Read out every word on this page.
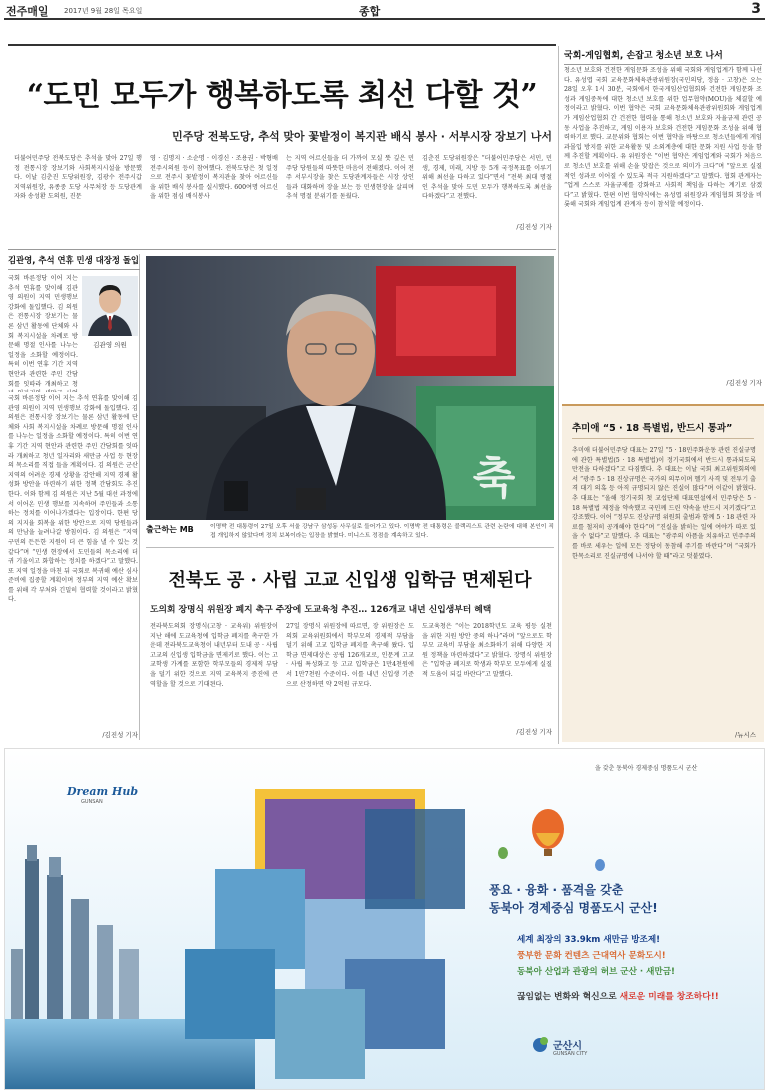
전주매일 2017년 9월 28일 목요일	종합	3
“도민 모두가 행복하도록 최선 다할 것”
민주당 전북도당, 추석 맞아 꽃밭정이 복지관 배식 봉사 · 서부시장 장보기 나서
더불어민주당 전북도당은 추석을 맞아 27일 행정 전통시장 장보기와 사회복지시설을 방문했다. 이날 김춘진 도당위원장, 김광수 전주시갑 지역위원장, 유종중 도당 사무처장 등 도당관계자와 송성환 도의원, 진문
영 · 김명지 · 소순명 · 이경신 · 조용권 · 박형배 전주시의원 등이 참여했다. 전북도당은 첫 일정으로 전주시 꽃밭정이 복지관을 찾아 어르신들을 위한 배식 봉사를 실시했다. 600여명 어르신을 위한 점심 배식봉사
는 지역 어르신들을 더 가까이 모실 뜻 깊은 민주당 당원들의 따뜻한 마음이 전해졌다. 이어 전주 서부시장을 찾은 도당관계자들은 시장 상인들과 대화하며 장을 보는 등 민생현장을 살피며 추석 명절 분위기를 돋웠다.
김춘진 도당위원장은 “더불어민주당은 서민, 민생, 경제, 미래, 지방 등 5개 국정목표를 이루기 위해 최선을 다하고 있다”면서 “전북 최대 명절인 추석을 맞아 도민 모두가 행복하도록 최선을 다하겠다”고 전했다.
/김진성 기자
김관영, 추석 연휴 민생 대장정 돌입
국회 바른정당 이어 지는 추석 연휴를 맞이해 김관영 의원이 지역 민생행보 강화에 돌입했다. 김 의원은 전통시장 장보기는 물론 삼년 활동에 단체와 사회 복지시설을 차례로 방문해 명절 인사를 나누는 일정을 소화할 예정이다. 특히 이번 연휴 기간 지역 현안과 관련한 주민 간담회를 잇따라 개최하고 청
김관영 의원
국회 바른정당 이어 지는 추석 연휴를 맞이해 김관영 의원이 지역 민생행보 강화에 돌입했다. 김 의원은 전통시장 장보기는 물론 삼년 활동에 단체와 사회 복지시설을 차례로 방문해 명절 인사를 나누는 일정을 소화할 예정이다. 특히 이번 연휴 기간 지역 현안과 관련한 주민 간담회를 잇따라 개최하고 청년 일자리와 새만금 사업 등 현장의 목소리를 직접 들을 계획이다. 김 의원은 군산 지역의 어려운 경제 상황을 감안해 지역 경제 활성화 방안을 마련하기 위한 정책 간담회도 추진한다. 이와 함께 김 의원은 지난 5월 대선 과정에서 이어온 민생 행보를 지속하며 주민들과 소통하는 정치를 이어나가겠다는 입장이다. 한편 당의 지지율 회복을 위한 방안으로 지역 당원들과의 만남을 늘려나갈 방침이다. 김 의원은 “지역구민의 든든한 지원이 더 큰 힘을 낼 수 있는 것 같다”며 “민생 현장에서 도민들의 목소리에 더 귀 기울이고 화합하는 정치를 하겠다”고 말했다. 또 지역 일정을 마친 뒤 국회로 복귀해 예산 심사 준비에 집중할 계획이며 정부의 지역 예산 확보를 위해 각 부처와 긴밀히 협력할 것이라고 밝혔다.
/김진성 기자
축
출근하는 MB	이명박 전 대통령이 27일 오후 서울 강남구 삼성동 사무실로 들어가고 있다. 이명박 전 대통령은 블랙리스트 관련 논란에 대해 본인이 직접 개입하지 않았다며 정치 보복이라는 입장을 밝혔다. 미니스트 정점을 계속하고 있다.
전북도 공 · 사립 고교 신입생 입학금 면제된다
도의회 장명식 위원장 폐지 촉구 주장에 도교육청 추진… 126개교 내년 신입생부터 혜택
전라북도의회 장명식(고창 · 교육위) 위원장이 지난 해에 도교육청에 입학금 폐지를 촉구한 가운데 전라북도교육청이 내년부터 도내 공 · 사립 고교의 신입생 입학금을 면제키로 했다. 이는 고교학생 가계를 포함한 학부모들의 경제적 부담을 덜기 위한 것으로 지역 교육복지 증진에 큰 역할을 할 것으로 기대된다.
27일 장명식 위원장에 따르면, 장 위원장은 도의회 교육위원회에서 학부모의 경제적 부담을 덜기 위해 고교 입학금 폐지를 촉구해 왔다. 입학금 면제대상은 공립 126개교로, 인문계 고교 · 사립 특성화고 등 고교 입학금은 1만4천원에서 1만7천원 수준이다. 이를 내년 신입생 기준으로 산정하면 약 2억원 규모다.
도교육청은 “이는 2018학년도 교육 평등 실천을 위한 지원 방안 중의 하나”라며 “앞으로도 학부모 교육비 부담을 최소화하기 위해 다양한 지원 정책을 마련하겠다”고 밝혔다. 장명식 위원장은 “입학금 폐지로 학생과 학부모 모두에게 실질적 도움이 되길 바란다”고 말했다.
/김진성 기자
국회-게임협회, 손잡고 청소년 보호 나서
청소년 보호와 건전한 게임문화 조성을 위해 국회와 게임업계가 함께 나선다. 유성엽 국회 교육문화체육관광위원장(국민의당, 정읍 · 고창)은 오는 28일 오후 1시 30분, 국회에서 한국게임산업협회와 건전한 게임문화 조성과 게임중독에 대한 청소년 보호를 위한 업무협약(MOU)을 체결할 예정이라고 밝혔다. 이번 협약은 국회 교육문화체육관광위원회와 게임업계가 게임산업협회 간 건전한 협력을 통해 청소년 보호와 자율규제 관련 공동 사업을 추진하고, 게임 이용자 보호와 건전한 게임문화 조성을 위해 협력하기로 했다. 교문위와 협회는 이번 협약을 바탕으로 청소년들에게 게임 과몰입 방지를 위한 교육활동 및 소외계층에 대한 문화 지원 사업 등을 함께 추진할 계획이다. 유 위원장은 “이번 협약은 게임업계와 국회가 처음으로 청소년 보호를 위해 손을 맞잡은 것으로 의미가 크다”며 “앞으로 실질적인 성과로 이어질 수 있도록 적극 지원하겠다”고 말했다. 협회 관계자는 “업계 스스로 자율규제를 강화하고 사회적 책임을 다하는 계기로 삼겠다”고 밝혔다. 한편 이번 협약식에는 유성엽 위원장과 게임협회 회장을 비롯해 국회와 게임업계 관계자 등이 참석할 예정이다.
/김진성 기자
추미애 “5 · 18 특별법, 반드시 통과”
추미애 더불어민주당 대표는 27일 “5 · 18민주화운동 관련 진실규명에 관한 특별법(5 · 18 특별법)이 정기국회에서 반드시 통과되도록 만전을 다하겠다”고 다짐했다. 추 대표는 이날 국회 최고위원회의에서 “광주 5 · 18 진상규명은 국가의 의무이며 헬기 사격 및 전투기 출격 대기 의혹 등 아직 규명되지 않은 진실이 많다”며 이같이 밝혔다. 추 대표는 “올해 정기국회 첫 교섭단체 대표연설에서 민주당은 5 · 18 특별법 제정을 약속했고 국민께 드린 약속을 반드시 지키겠다”고 강조했다. 이어 “정부도 진상규명 위원회 출범과 함께 5 · 18 관련 자료를 철저히 공개해야 한다”며 “진실을 밝히는 일에 여야가 따로 있을 수 없다”고 말했다. 추 대표는 “광주의 아픔을 치유하고 민주주의를 바로 세우는 일에 모든 정당이 동참해 주기를 바란다”며 “국회가 한목소리로 진실규명에 나서야 할 때”라고 덧붙였다.
/뉴시스
Dream Hub
GUNSAN
을 갖춘 동북아 경제중심 명품도시 군산
풍요 · 융화 · 품격을 갖춘
동북아 경제중심 명품도시 군산!
세계 최장의 33.9km 새만금 방조제!
풍부한 문화 컨텐츠 근대역사 문화도시!
동북아 산업과 관광의 허브 군산 · 새만금!
끊임없는 변화와 혁신으로 새로운 미래를 창조하다!!
군산시
GUNSAN CITY
